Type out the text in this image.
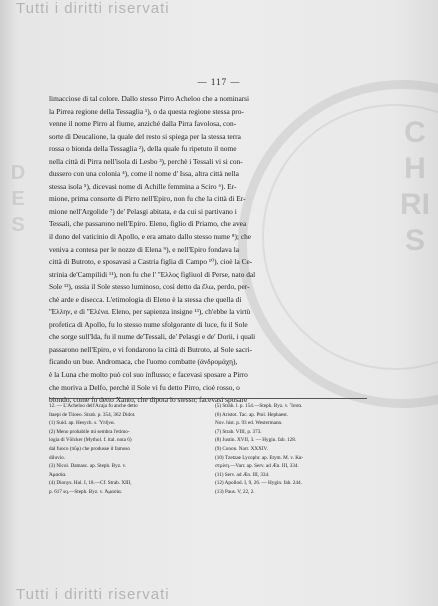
Tutti i diritti riservati
CHRIS
DES
— 117 —
limacciose di tal colore. Dallo stesso Pirro Acheloo che a nominarsi
la Pirrea regione della Tessaglia ¹), o da questa regione stessa pro-
venne il nome Pirro al fiume, anziché dalla Pirra favolosa, con-
sorte di Deucalione, la quale del resto si spiega per la stessa terra
rossa o bionda della Tessaglia ²), della quale fu ripetuto il nome
nella città di Pirra nell'isola di Lesbo ³), perchè i Tessali vi si con-
dussero con una colonia ⁴), come il nome d' Issa, altra città nella
stessa isola ⁵), dicevasi nome di Achille femmina a Sciro ⁶). Er-
mione, prima consorte di Pirro nell'Epiro, non fu che la città di Er-
mione nell'Argolide ⁷) de' Pelasgi abitata, e da cui si partivano i
Tessali, che passarono nell'Epiro. Eleno, figlio di Priamo, che avea
il dono del vaticinio di Apollo, e era amato dallo stesso nume ⁸); che
veniva a contesa per le nozze di Elena ⁹), e nell'Epiro fondava la
città di Butroto, e sposavasi a Castria figlia di Campo ¹⁰), cioè la Ce-
strinia de'Campilidi ¹¹), non fu che l' ''Ελλος figliuol di Perse, nato dal
Sole ¹²), ossia il Sole stesso luminoso, così detto da ἕλω, perdo, per-
chè arde e disecca. L'etimologia di Eleno è la stessa che quella di
''Ελλην, e di ''Ελένα. Eleno, per sapienza insigne ¹³), ch'ebbe la virtù
profetica di Apollo, fu lo stesso nume sfolgorante di luce, fu il Sole
che sorge sull'Ida, fu il nume de'Tessali, de' Pelasgi e de' Dorii, i quali
passarono nell'Epiro, e vi fondarono la città di Butroto, al Sole sacri-
ficando un bue. Andromaca, che l'uomo combatte (ἀνδρομάχη),
è la Luna che molto può col suo influsso; e facevasi sposare a Pirro
che moriva a Delfo, perchè il Sole vi fu detto Pirro, cioè rosso, o
biondo, come fu detto Xanto, che dipota lo stesso; facevasi sposare
12. — L'Acheloo dell'Acaja fu anche detto
Itaepi de Tiioeo. Strab. p. 354, 362 Didot.
(1) Suid. ap. Hesych. s. Ὑπῆνα.
(2) Meno probabile mi sembra l'etimo-
logia di Völcker (Mythol. f. ital. nota 6)
dal fuoco (πῦρ) che produsse il famoso
diluvio.
(3) Nicol. Damasc. ap. Steph. Byz. v.
Ἀμασία.
(4) Dionys. Hal. I, 18.—Cf. Strab. XIII,
p. 617 sq.—Steph. Byz. v. Ἀμασία.
(5) Strab. l. p. 154.—Steph. Byz. v. Ἴσσα.
(6) Aristot. Tac. ap. Ptol. Hephaest.
Nov. hist. p. 93 ed. Westermann.
(7) Strab. VIII, p. 373.
(8) Justin. XVII, 3. — Hygin. fab. 128.
(9) Conon. Narr. XXXIV.
(10) Tzetzae Lycophr. ap. Etym. M. v. Κα-
στρίνη.—Varr. ap. Serv. ad Æn. III, 334.
(11) Serv. ad Æn. III, 334.
(12) Apollod. I, 9, 26. — Hygin. fab. 244.
(13) Paus. V, 22, 2.
Tutti i diritti riservati
